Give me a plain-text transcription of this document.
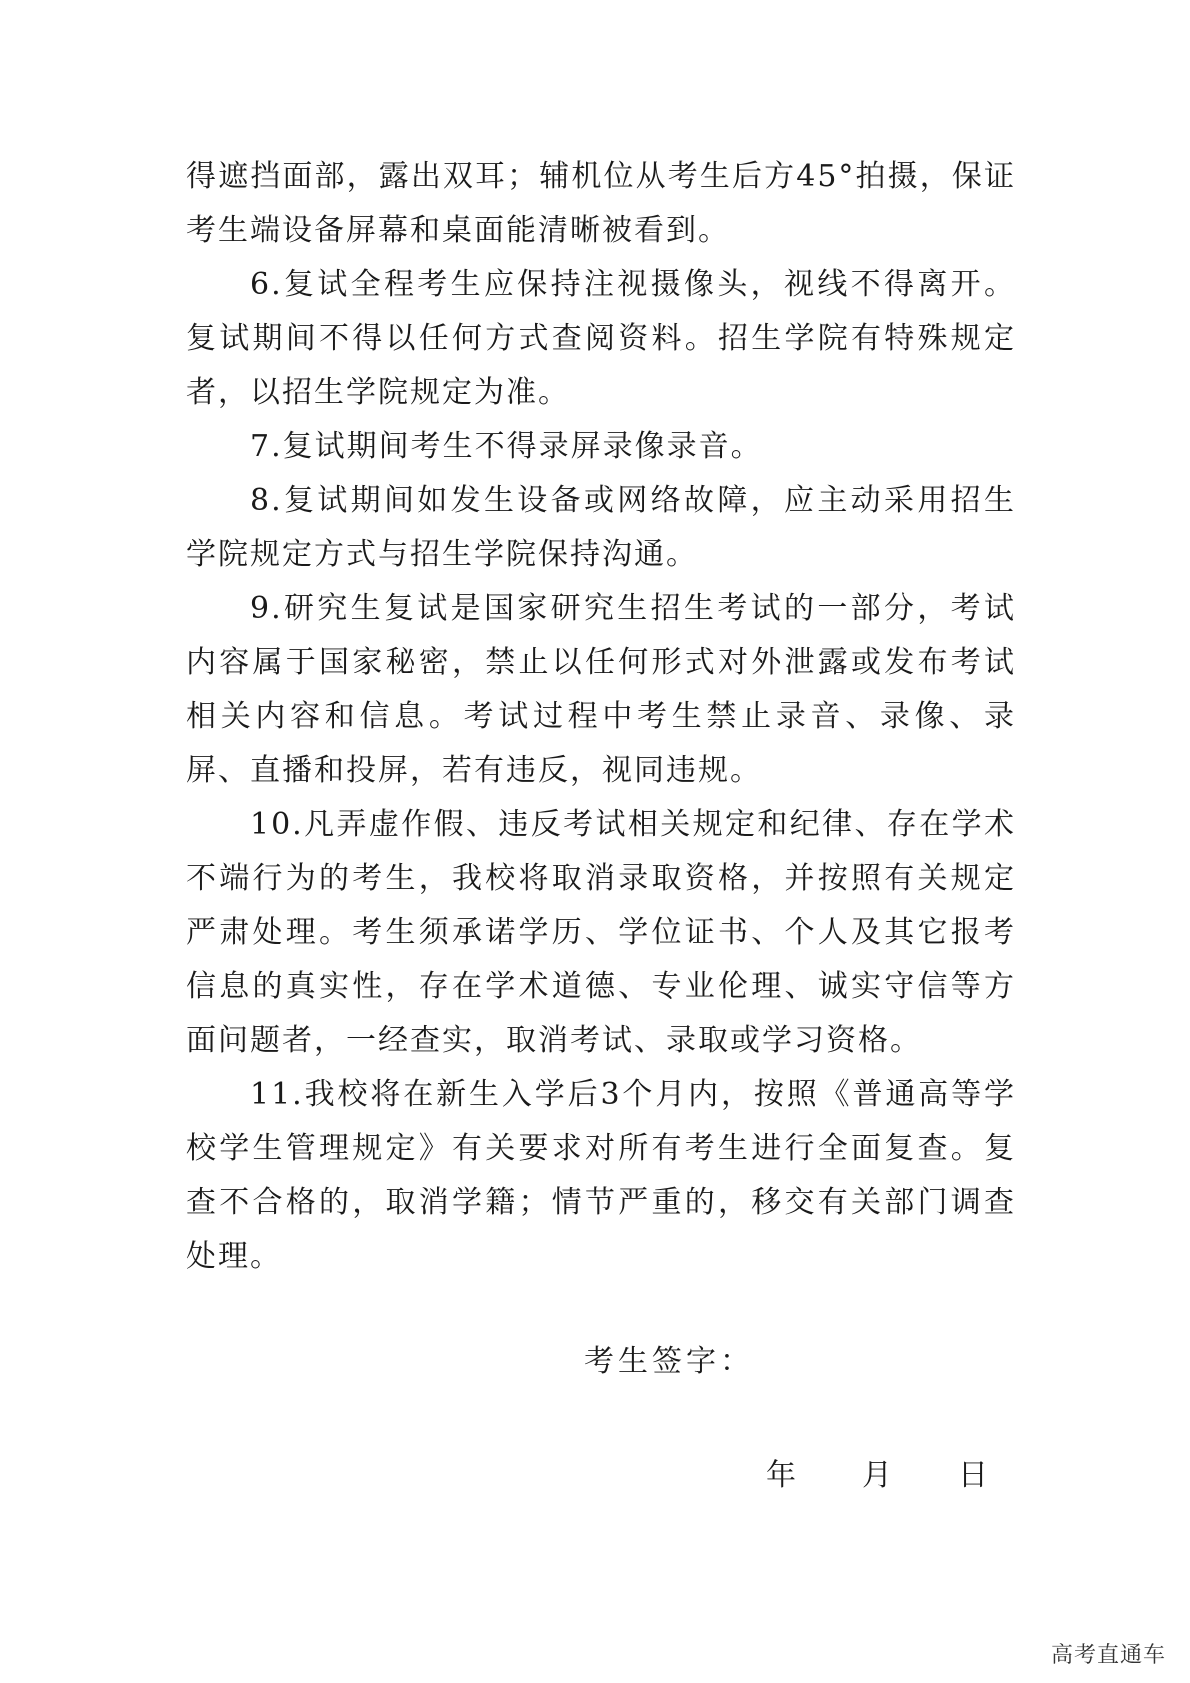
得遮挡面部，露出双耳；辅机位从考生后方45°拍摄，保证考生端设备屏幕和桌面能清晰被看到。

6.复试全程考生应保持注视摄像头，视线不得离开。复试期间不得以任何方式查阅资料。招生学院有特殊规定者，以招生学院规定为准。

7.复试期间考生不得录屏录像录音。

8.复试期间如发生设备或网络故障，应主动采用招生学院规定方式与招生学院保持沟通。

9.研究生复试是国家研究生招生考试的一部分，考试内容属于国家秘密，禁止以任何形式对外泄露或发布考试相关内容和信息。考试过程中考生禁止录音、录像、录屏、直播和投屏，若有违反，视同违规。

10.凡弄虚作假、违反考试相关规定和纪律、存在学术不端行为的考生，我校将取消录取资格，并按照有关规定严肃处理。考生须承诺学历、学位证书、个人及其它报考信息的真实性，存在学术道德、专业伦理、诚实守信等方面问题者，一经查实，取消考试、录取或学习资格。

11.我校将在新生入学后3个月内，按照《普通高等学校学生管理规定》有关要求对所有考生进行全面复查。复查不合格的，取消学籍；情节严重的，移交有关部门调查处理。

考生签字：
年 月 日
高考直通车
